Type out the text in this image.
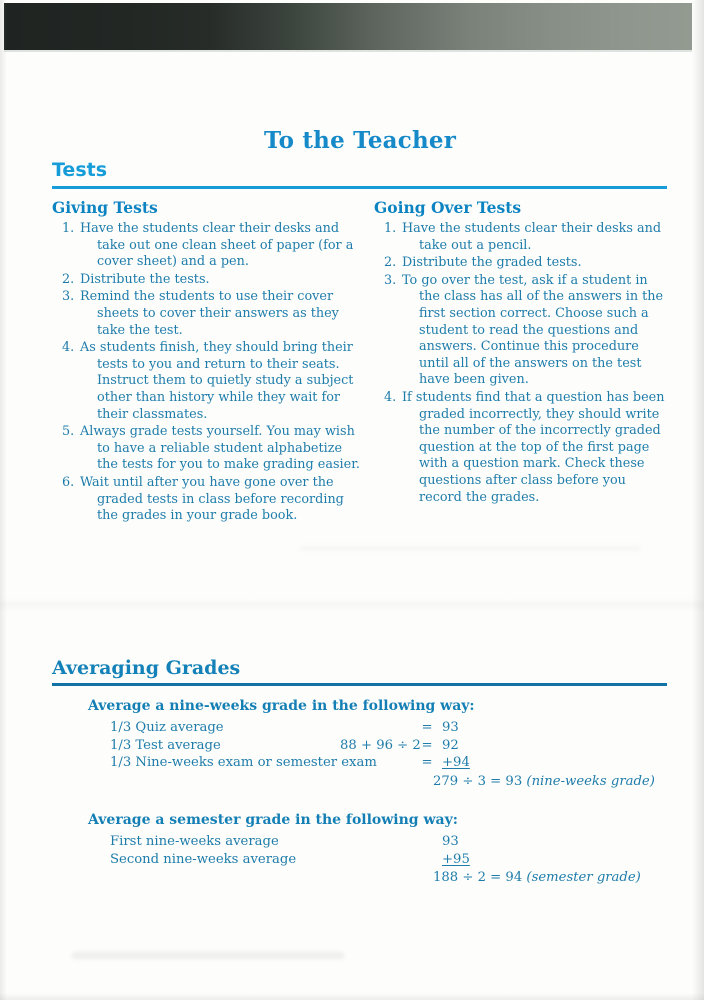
To the Teacher
Tests
Giving Tests
1. Have the students clear their desks and take out one clean sheet of paper (for a cover sheet) and a pen.
2. Distribute the tests.
3. Remind the students to use their cover sheets to cover their answers as they take the test.
4. As students finish, they should bring their tests to you and return to their seats. Instruct them to quietly study a subject other than history while they wait for their classmates.
5. Always grade tests yourself. You may wish to have a reliable student alphabetize the tests for you to make grading easier.
6. Wait until after you have gone over the graded tests in class before recording the grades in your grade book.
Going Over Tests
1. Have the students clear their desks and take out a pencil.
2. Distribute the graded tests.
3. To go over the test, ask if a student in the class has all of the answers in the first section correct. Choose such a student to read the questions and answers. Continue this procedure until all of the answers on the test have been given.
4. If students find that a question has been graded incorrectly, they should write the number of the incorrectly graded question at the top of the first page with a question mark. Check these questions after class before you record the grades.
Averaging Grades
Average a nine-weeks grade in the following way:
1/3 Quiz average	= 93
1/3 Test average	88 + 96 ÷ 2 = 92
1/3 Nine-weeks exam or semester exam	= +94
279 ÷ 3 = 93 (nine-weeks grade)
Average a semester grade in the following way:
First nine-weeks average	93
Second nine-weeks average	+95
188 ÷ 2 = 94 (semester grade)
